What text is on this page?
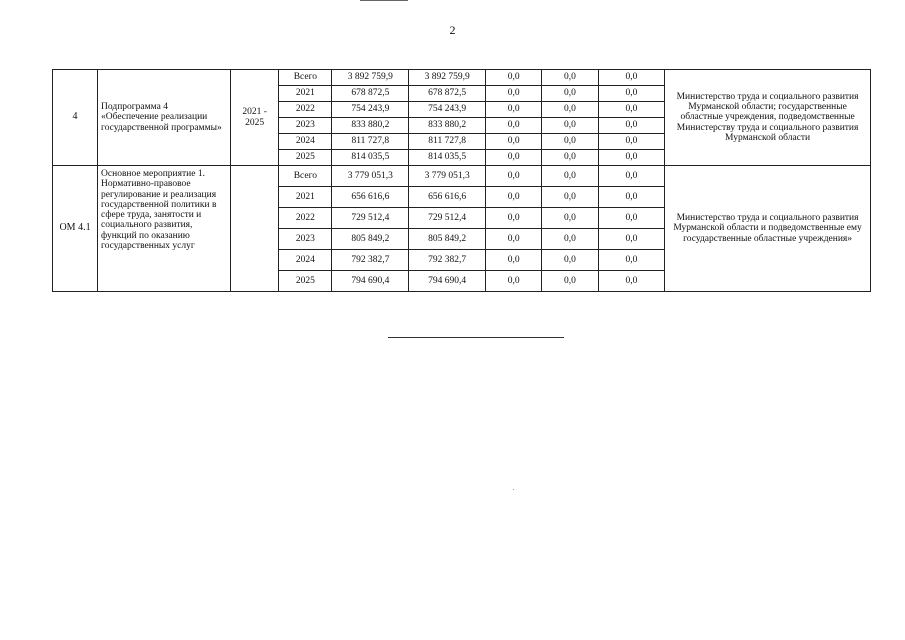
2
4	Подпрограмма 4 «Обеспечение реализации государственной программы»	2021 - 2025	Всего	3 892 759,9	3 892 759,9	0,0	0,0	0,0	Министерство труда и социального развития Мурманской области; государственные областные учреждения, подведомственные Министерству труда и социального развития Мурманской области
			2021	678 872,5	678 872,5	0,0	0,0	0,0	
			2022	754 243,9	754 243,9	0,0	0,0	0,0	
			2023	833 880,2	833 880,2	0,0	0,0	0,0	
			2024	811 727,8	811 727,8	0,0	0,0	0,0	
			2025	814 035,5	814 035,5	0,0	0,0	0,0	
ОМ 4.1	Основное мероприятие 1. Нормативно-правовое регулирование и реализация государственной политики в сфере труда, занятости и социального развития, функций по оказанию государственных услуг		Всего	3 779 051,3	3 779 051,3	0,0	0,0	0,0	Министерство труда и социального развития Мурманской области и подведомственные ему государственные областные учреждения»
			2021	656 616,6	656 616,6	0,0	0,0	0,0	
			2022	729 512,4	729 512,4	0,0	0,0	0,0	
			2023	805 849,2	805 849,2	0,0	0,0	0,0	
			2024	792 382,7	792 382,7	0,0	0,0	0,0	
			2025	794 690,4	794 690,4	0,0	0,0	0,0	
